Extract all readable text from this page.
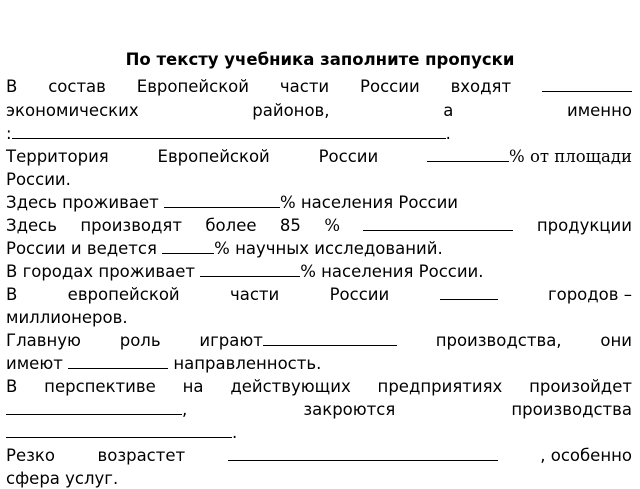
По тексту учебника заполните пропуски
В состав Европейской части России входят
экономических	районов,	а	именно
:	.
Территория	Европейской	России	% от площади
России.
Здесь проживает	% населения России
Здесь производят более 85 %	продукции
России и ведется	% научных исследований.
В городах проживает	% населения России.
В	европейской	части	России	городов –
миллионеров.
Главную роль играют	производства, они
имеют	направленность.
В перспективе на действующих предприятиях произойдет
,	закроются	производства
.
Резко	возрастет	, особенно
сфера услуг.
